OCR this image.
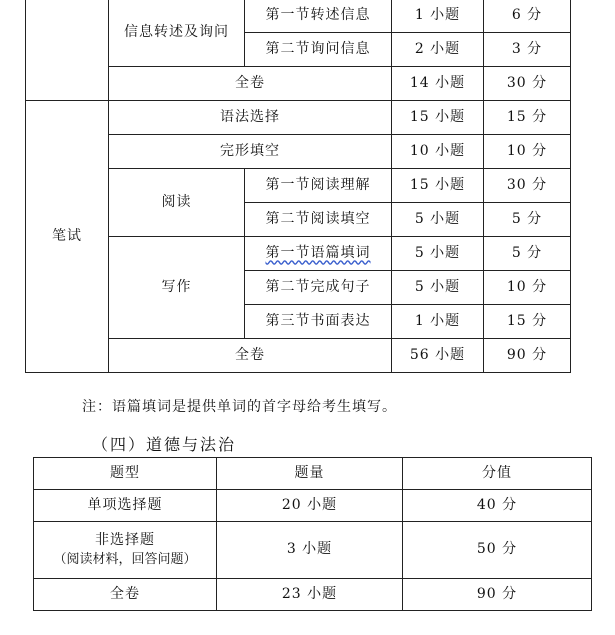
	信息转述及询问	第一节转述信息	1 小题	6 分
		第二节询问信息	2 小题	3 分
	全卷		14 小题	30 分
笔试	语法选择		15 小题	15 分
	完形填空		10 小题	10 分
	阅读	第一节阅读理解	15 小题	30 分
		第二节阅读填空	5 小题	5 分
	写作	第一节语篇填词	5 小题	5 分
		第二节完成句子	5 小题	10 分
		第三节书面表达	1 小题	15 分
	全卷		56 小题	90 分

注：语篇填词是提供单词的首字母给考生填写。

（四）道德与法治
题型	题量	分值
单项选择题	20 小题	40 分

非选择题
（阅读材料，回答问题）	3 小题	50 分
全卷	23 小题	90 分
